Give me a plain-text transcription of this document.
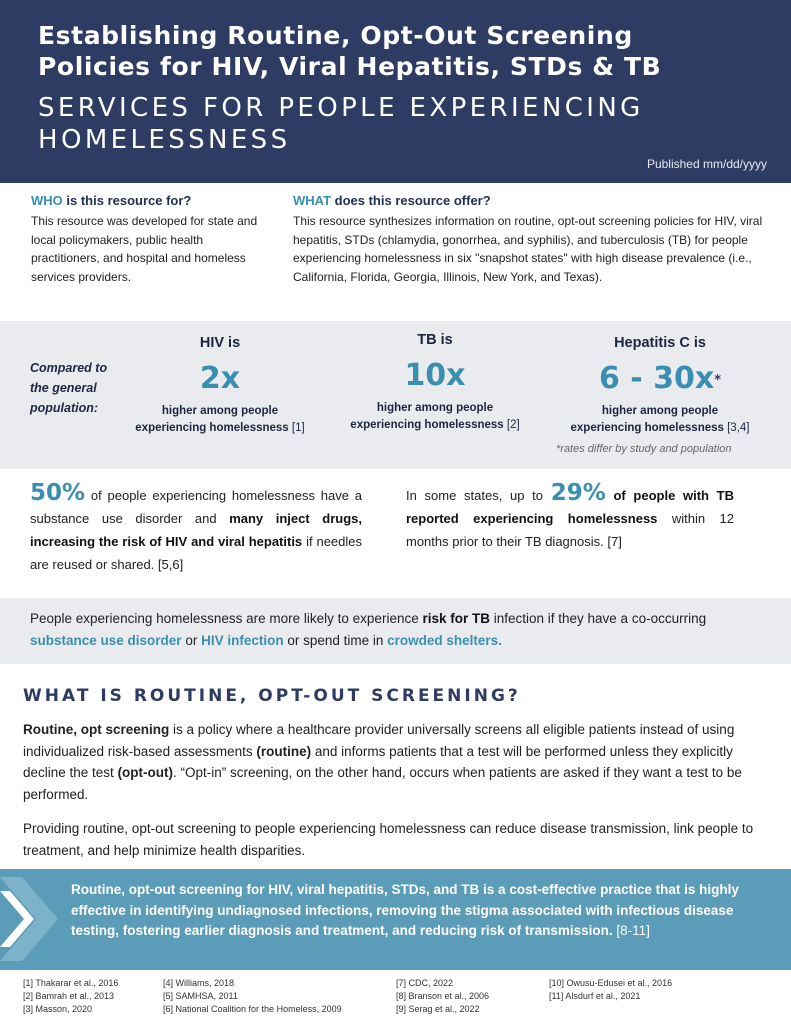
Establishing Routine, Opt-Out Screening
Policies for HIV, Viral Hepatitis, STDs & TB
SERVICES FOR PEOPLE EXPERIENCING
HOMELESSNESS
Published mm/dd/yyyy
WHO is this resource for?
This resource was developed for state and local policymakers, public health practitioners, and hospital and homeless services providers.
WHAT does this resource offer?
This resource synthesizes information on routine, opt-out screening policies for HIV, viral hepatitis, STDs (chlamydia, gonorrhea, and syphilis), and tuberculosis (TB) for people experiencing homelessness in six "snapshot states" with high disease prevalence (i.e., California, Florida, Georgia, Illinois, New York, and Texas).
Compared to
the general
population:
HIV is
2x
higher among people
experiencing homelessness [1]
TB is
10x
higher among people
experiencing homelessness [2]
Hepatitis C is
6 - 30x*
higher among people
experiencing homelessness [3,4]
*rates differ by study and population
50% of people experiencing homelessness have a substance use disorder and many inject drugs, increasing the risk of HIV and viral hepatitis if needles are reused or shared. [5,6]
In some states, up to 29% of people with TB reported experiencing homelessness within 12 months prior to their TB diagnosis. [7]
People experiencing homelessness are more likely to experience risk for TB infection if they have a co-occurring substance use disorder or HIV infection or spend time in crowded shelters.
WHAT IS ROUTINE, OPT-OUT SCREENING?
Routine, opt screening is a policy where a healthcare provider universally screens all eligible patients instead of using individualized risk-based assessments (routine) and informs patients that a test will be performed unless they explicitly decline the test (opt-out). “Opt-in” screening, on the other hand, occurs when patients are asked if they want a test to be performed.
Providing routine, opt-out screening to people experiencing homelessness can reduce disease transmission, link people to treatment, and help minimize health disparities.
Routine, opt-out screening for HIV, viral hepatitis, STDs, and TB is a cost-effective practice that is highly effective in identifying undiagnosed infections, removing the stigma associated with infectious disease testing, fostering earlier diagnosis and treatment, and reducing risk of transmission. [8-11]
[1] Thakarar et al., 2016
[2] Bamrah et al., 2013
[3] Masson, 2020
[4] Williams, 2018
[5] SAMHSA, 2011
[6] National Coalition for the Homeless, 2009
[7] CDC, 2022
[8] Branson et al., 2006
[9] Serag et al., 2022
[10] Owusu-Edusei et al., 2016
[11] Alsdurf et al., 2021
